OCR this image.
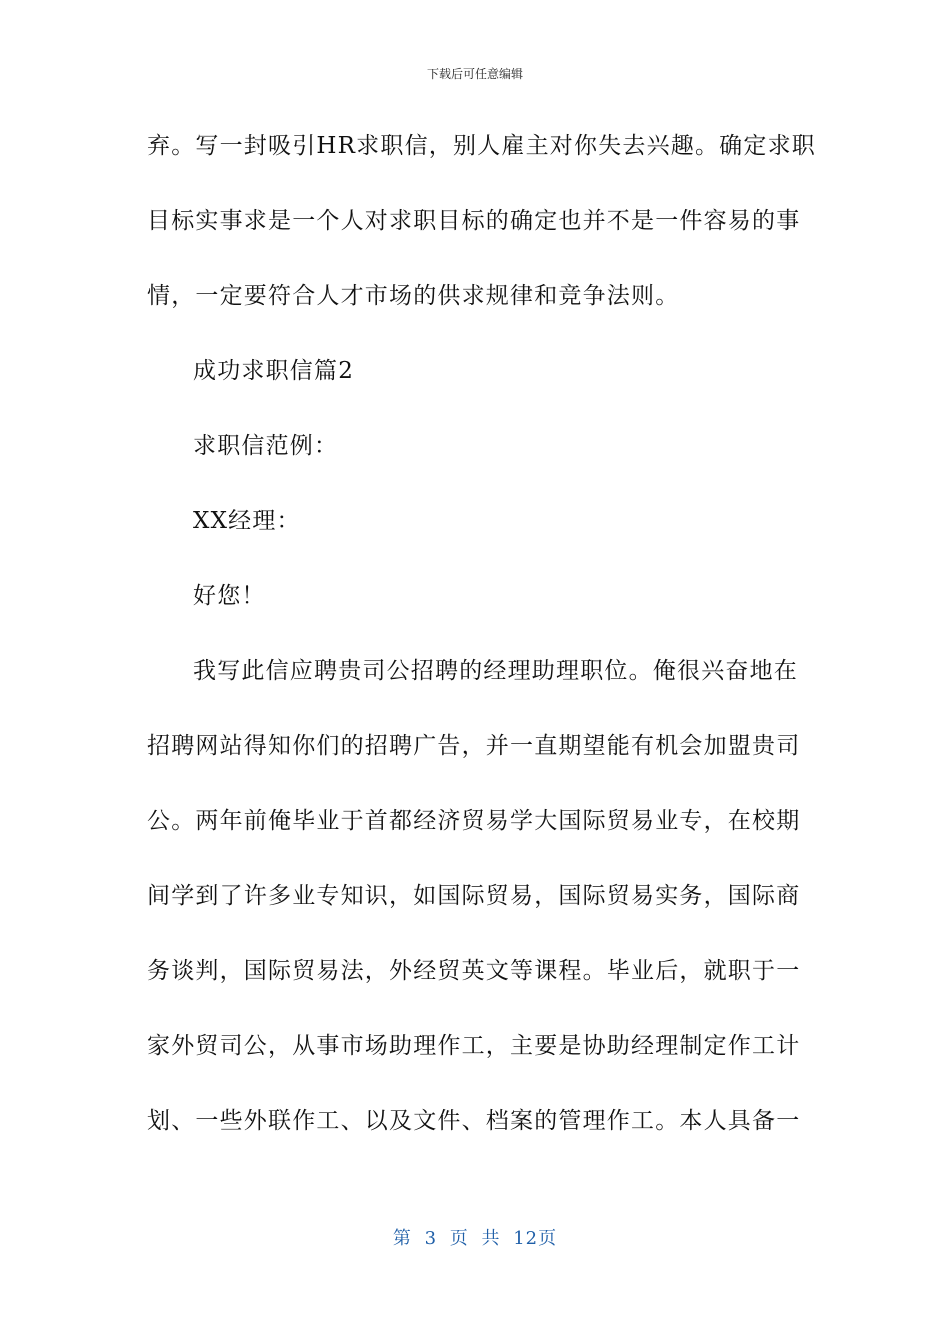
下载后可任意编辑
弃。写一封吸引HR求职信，别人雇主对你失去兴趣。确定求职
目标实事求是一个人对求职目标的确定也并不是一件容易的事
情，一定要符合人才市场的供求规律和竞争法则。
成功求职信篇2
求职信范例：
XX经理：
好您！
我写此信应聘贵司公招聘的经理助理职位。俺很兴奋地在
招聘网站得知你们的招聘广告，并一直期望能有机会加盟贵司
公。两年前俺毕业于首都经济贸易学大国际贸易业专，在校期
间学到了许多业专知识，如国际贸易，国际贸易实务，国际商
务谈判，国际贸易法，外经贸英文等课程。毕业后，就职于一
家外贸司公，从事市场助理作工，主要是协助经理制定作工计
划、一些外联作工、以及文件、档案的管理作工。本人具备一
第 3 页 共 12页
